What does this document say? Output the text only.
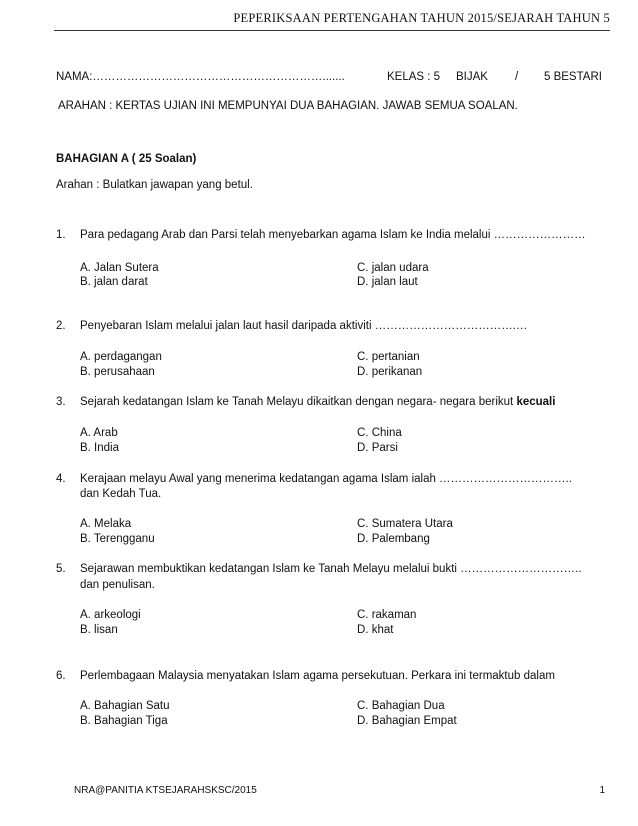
PEPERIKSAAN PERTENGAHAN TAHUN 2015/SEJARAH TAHUN 5
NAMA:…………………………………………………….......	KELAS : 5 BIJAK / 5 BESTARI
ARAHAN : KERTAS UJIAN INI MEMPUNYAI DUA BAHAGIAN. JAWAB SEMUA SOALAN.
BAHAGIAN A ( 25 Soalan)
Arahan : Bulatkan jawapan yang betul.
1. Para pedagang Arab dan Parsi telah menyebarkan agama Islam ke India melalui ……………………
A. Jalan Sutera	C. jalan udara
B. jalan darat	D. jalan laut
2. Penyebaran Islam melalui jalan laut hasil daripada aktiviti ……………………………….…
A. perdagangan	C. pertanian
B. perusahaan	D. perikanan
3. Sejarah kedatangan Islam ke Tanah Melayu dikaitkan dengan negara- negara berikut kecuali
A. Arab	C. China
B. India	D. Parsi
4. Kerajaan melayu Awal yang menerima kedatangan agama Islam ialah ……………………………..
dan Kedah Tua.
A. Melaka	C. Sumatera Utara
B. Terengganu	D. Palembang
5. Sejarawan membuktikan kedatangan Islam ke Tanah Melayu melalui bukti …………………………..
dan penulisan.
A. arkeologi	C. rakaman
B. lisan	D. khat
6. Perlembagaan Malaysia menyatakan Islam agama persekutuan. Perkara ini termaktub dalam
A. Bahagian Satu	C. Bahagian Dua
B. Bahagian Tiga	D. Bahagian Empat
NRA@PANITIA KTSEJARAHSKSC/2015	1
